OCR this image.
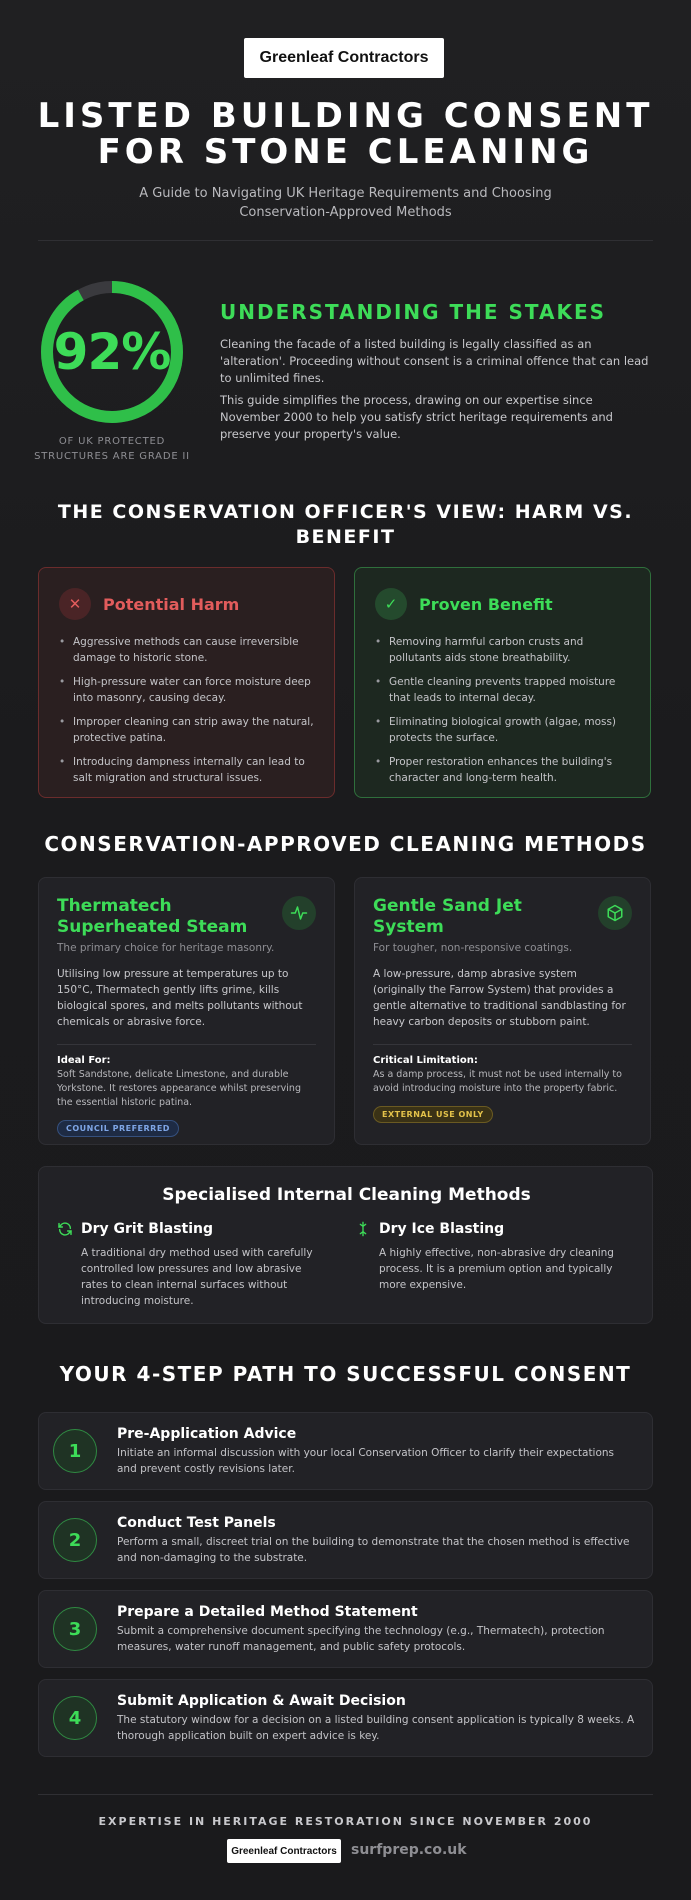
Greenleaf Contractors
LISTED BUILDING CONSENT
FOR STONE CLEANING
A Guide to Navigating UK Heritage Requirements and Choosing
Conservation-Approved Methods
92%
OF UK PROTECTED
STRUCTURES ARE GRADE II
UNDERSTANDING THE STAKES
Cleaning the facade of a listed building is legally classified as an 'alteration'. Proceeding without consent is a criminal offence that can lead to unlimited fines.
This guide simplifies the process, drawing on our expertise since November 2000 to help you satisfy strict heritage requirements and preserve your property's value.
THE CONSERVATION OFFICER'S VIEW: HARM VS. BENEFIT
✕	Potential Harm
• Aggressive methods can cause irreversible damage to historic stone.
• High-pressure water can force moisture deep into masonry, causing decay.
• Improper cleaning can strip away the natural, protective patina.
• Introducing dampness internally can lead to salt migration and structural issues.
✓	Proven Benefit
• Removing harmful carbon crusts and pollutants aids stone breathability.
• Gentle cleaning prevents trapped moisture that leads to internal decay.
• Eliminating biological growth (algae, moss) protects the surface.
• Proper restoration enhances the building's character and long-term health.
CONSERVATION-APPROVED CLEANING METHODS
Thermatech Superheated Steam
The primary choice for heritage masonry.
Utilising low pressure at temperatures up to 150°C, Thermatech gently lifts grime, kills biological spores, and melts pollutants without chemicals or abrasive force.
Ideal For:
Soft Sandstone, delicate Limestone, and durable Yorkstone. It restores appearance whilst preserving the essential historic patina.
COUNCIL PREFERRED
Gentle Sand Jet System
For tougher, non-responsive coatings.
A low-pressure, damp abrasive system (originally the Farrow System) that provides a gentle alternative to traditional sandblasting for heavy carbon deposits or stubborn paint.
Critical Limitation:
As a damp process, it must not be used internally to avoid introducing moisture into the property fabric.
EXTERNAL USE ONLY
Specialised Internal Cleaning Methods
Dry Grit Blasting
A traditional dry method used with carefully controlled low pressures and low abrasive rates to clean internal surfaces without introducing moisture.
Dry Ice Blasting
A highly effective, non-abrasive dry cleaning process. It is a premium option and typically more expensive.
YOUR 4-STEP PATH TO SUCCESSFUL CONSENT
1
Pre-Application Advice
Initiate an informal discussion with your local Conservation Officer to clarify their expectations and prevent costly revisions later.
2
Conduct Test Panels
Perform a small, discreet trial on the building to demonstrate that the chosen method is effective and non-damaging to the substrate.
3
Prepare a Detailed Method Statement
Submit a comprehensive document specifying the technology (e.g., Thermatech), protection measures, water runoff management, and public safety protocols.
4
Submit Application & Await Decision
The statutory window for a decision on a listed building consent application is typically 8 weeks. A thorough application built on expert advice is key.
EXPERTISE IN HERITAGE RESTORATION SINCE NOVEMBER 2000
Greenleaf Contractors	surfprep.co.uk
